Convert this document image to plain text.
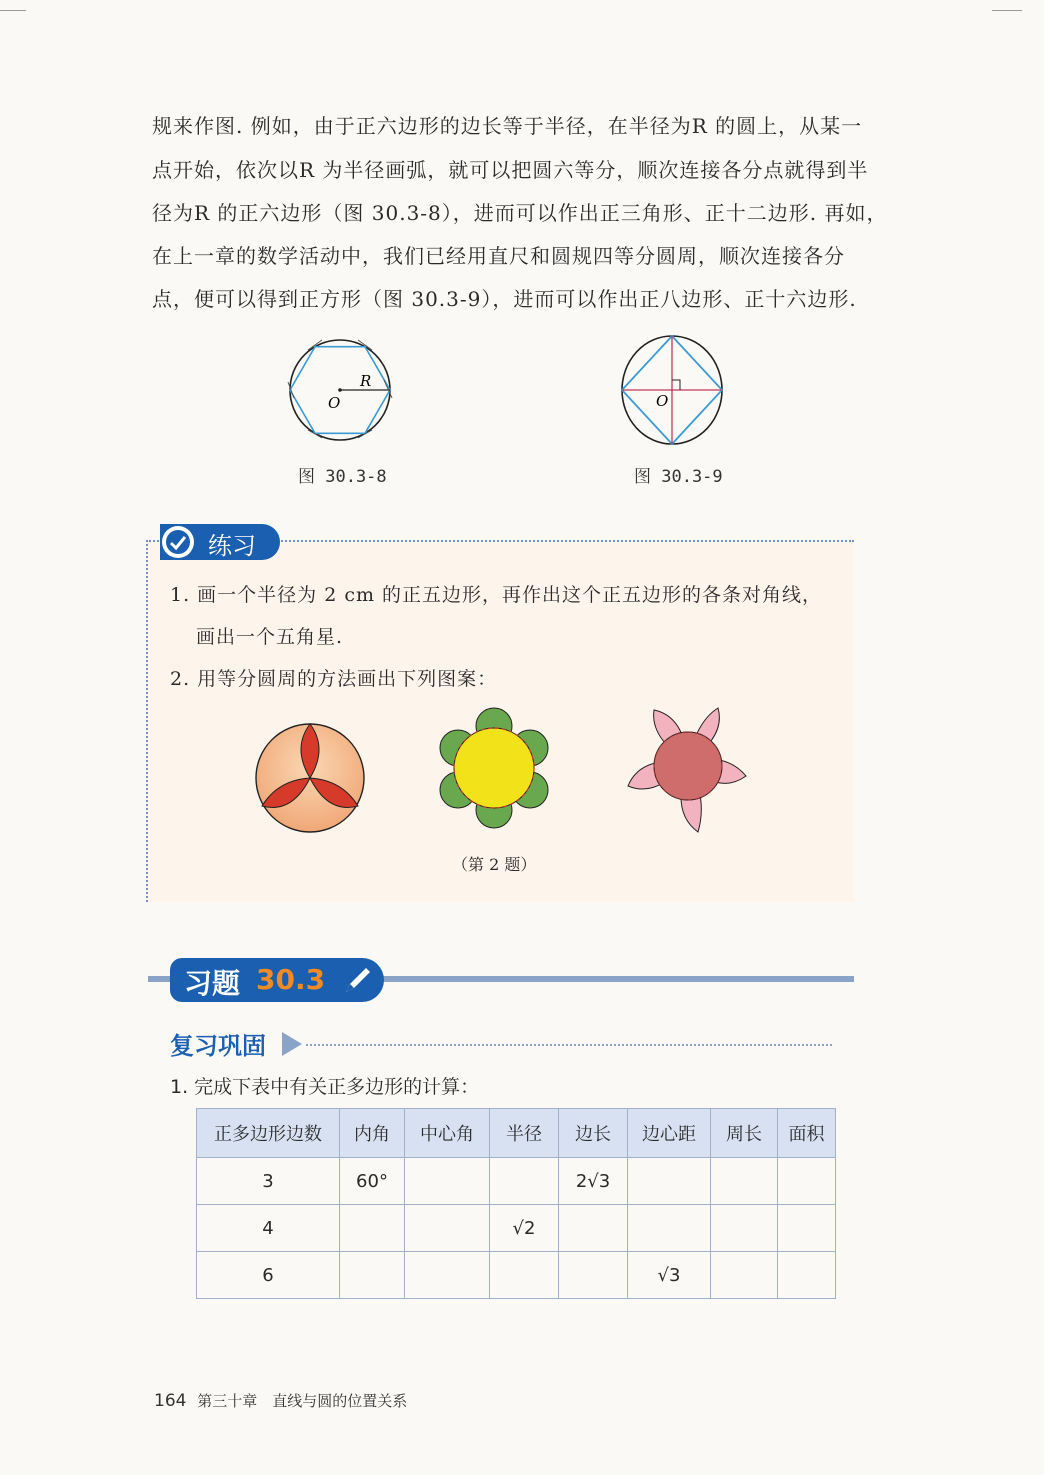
规来作图. 例如，由于正六边形的边长等于半径，在半径为R 的圆上，从某一
点开始，依次以R 为半径画弧，就可以把圆六等分，顺次连接各分点就得到半
径为R 的正六边形（图 30.3-8），进而可以作出正三角形、正十二边形. 再如，
在上一章的数学活动中，我们已经用直尺和圆规四等分圆周，顺次连接各分
点，便可以得到正方形（图 30.3-9），进而可以作出正八边形、正十六边形.
O
R
图 30.3-8
O
图 30.3-9
练习
1. 画一个半径为 2 cm 的正五边形，再作出这个正五边形的各条对角线，
画出一个五角星.
2. 用等分圆周的方法画出下列图案：
（第 2 题）
习题 30.3
复习巩固
1. 完成下表中有关正多边形的计算：
正多边形边数	内角	中心角	半径	边长	边心距	周长	面积
3	60°			2√3			
4			√2				
6					√3		
164 第三十章　直线与圆的位置关系
